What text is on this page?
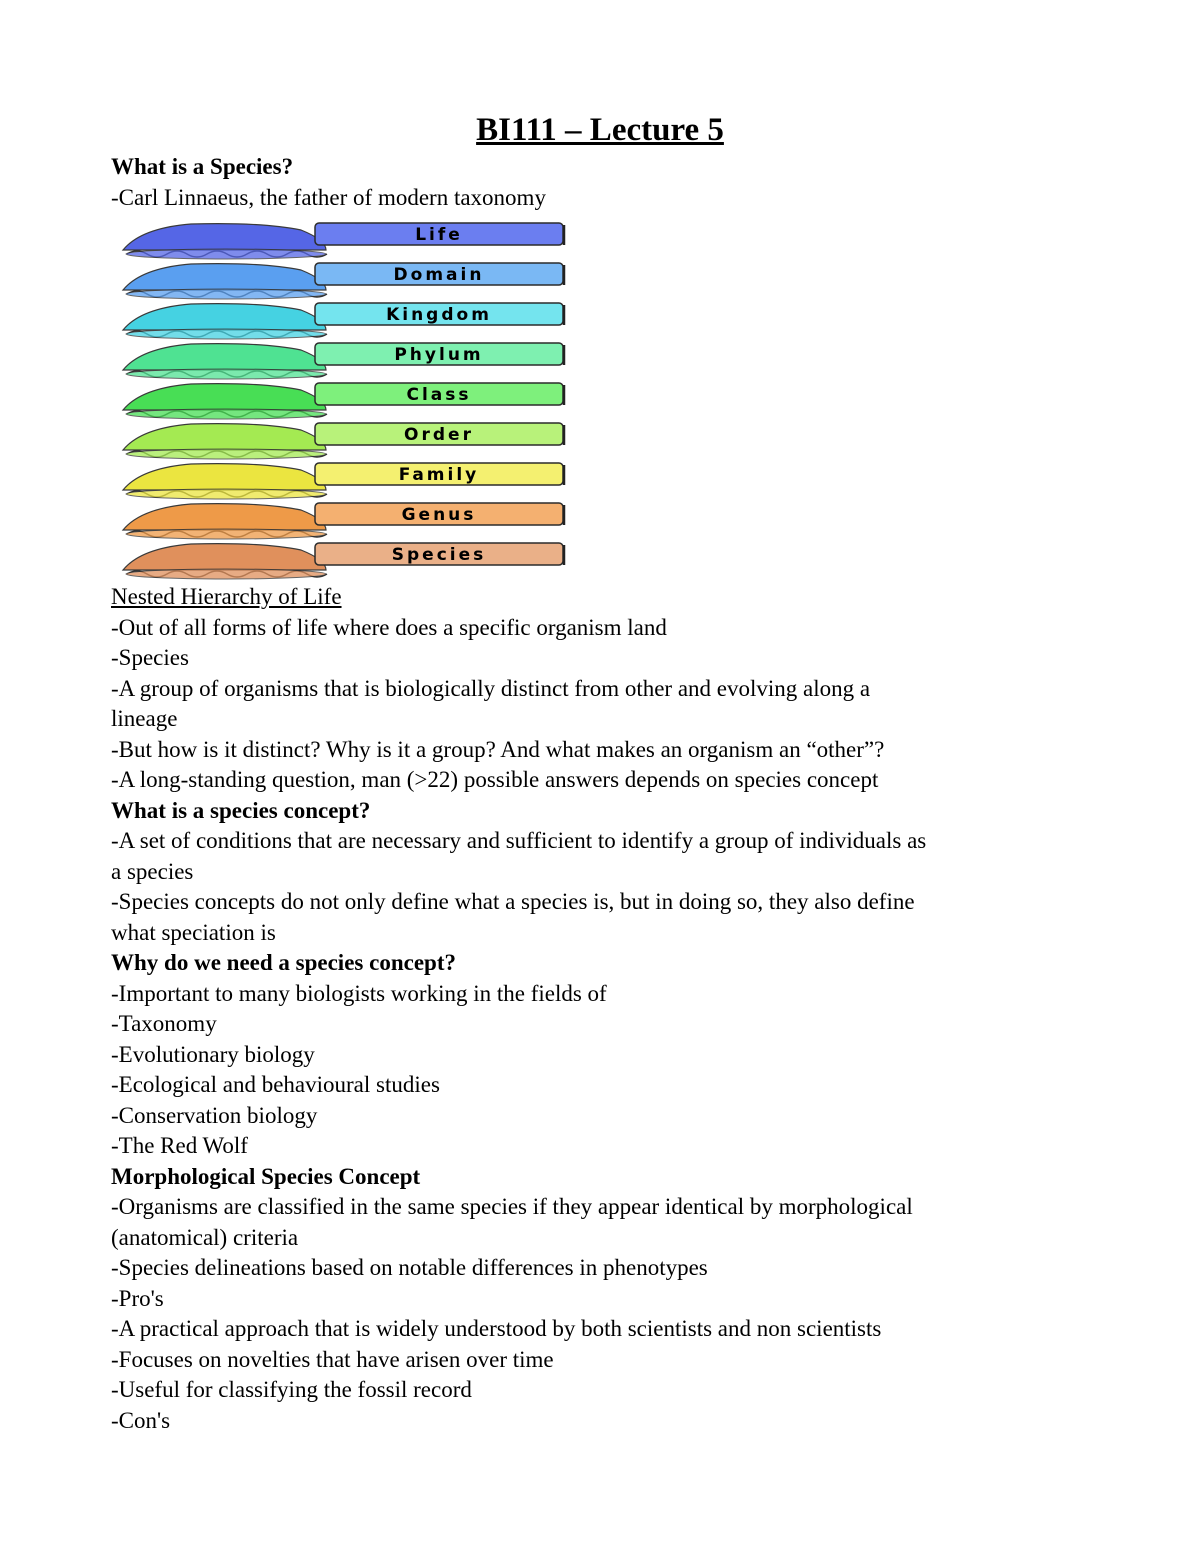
BI111 – Lecture 5
What is a Species?
-Carl Linnaeus, the father of modern taxonomy
Life
Domain
Kingdom
Phylum
Class
Order
Family
Genus
Species
Nested Hierarchy of Life
-Out of all forms of life where does a specific organism land
-Species
-A group of organisms that is biologically distinct from other and evolving along a
lineage
-But how is it distinct? Why is it a group? And what makes an organism an “other”?
-A long-standing question, man (>22) possible answers depends on species concept
What is a species concept?
-A set of conditions that are necessary and sufficient to identify a group of individuals as
a species
-Species concepts do not only define what a species is, but in doing so, they also define
what speciation is
Why do we need a species concept?
-Important to many biologists working in the fields of
-Taxonomy
-Evolutionary biology
-Ecological and behavioural studies
-Conservation biology
-The Red Wolf
Morphological Species Concept
-Organisms are classified in the same species if they appear identical by morphological
(anatomical) criteria
-Species delineations based on notable differences in phenotypes
-Pro's
-A practical approach that is widely understood by both scientists and non scientists
-Focuses on novelties that have arisen over time
-Useful for classifying the fossil record
-Con's
